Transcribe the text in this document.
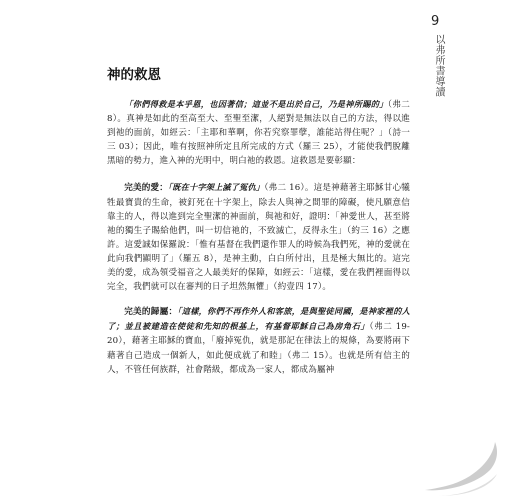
9
以弗所書導讀
神的救恩

「你們得救是本乎恩，也因著信；這並不是出於自己，乃是神所賜的」（弗二 8）。真神是如此的至高至大、至聖至潔，人絕對是無法以自己的方法，得以進到祂的面前，如經云：「主耶和華啊，你若究察罪孽，誰能站得住呢？」（詩一三 03）；因此，唯有按照神所定且所完成的方式（羅三 25），才能使我們脫離黑暗的勢力，進入神的光明中，明白祂的救恩。這救恩是要彰顯：

完美的愛：「既在十字架上滅了冤仇」（弗二 16）。這是神藉著主耶穌甘心犧牲最寶貴的生命，被釘死在十字架上，除去人與神之間罪的障礙，使凡願意信靠主的人，得以進到完全聖潔的神面前，與祂和好，證明：「神愛世人，甚至將祂的獨生子賜給他們，叫一切信祂的，不致滅亡，反得永生」（約三 16）之應許。這愛誠如保羅說：「惟有基督在我們還作罪人的時候為我們死，神的愛就在此向我們顯明了」（羅五 8），是神主動，白白所付出，且是極大無比的。這完美的愛，成為領受福音之人最美好的保障，如經云：「這樣，愛在我們裡面得以完全，我們就可以在審判的日子坦然無懼」（約壹四 17）。

完美的歸屬：「這樣，你們不再作外人和客旅，是與聖徒同國，是神家裡的人了；並且被建造在使徒和先知的根基上，有基督耶穌自己為房角石」（弗二 19-20），藉著主耶穌的寶血，「廢掉冤仇，就是那記在律法上的規條，為要將兩下藉著自己造成一個新人，如此便成就了和睦」（弗二 15）。也就是所有信主的人，不管任何族群，社會階級，都成為一家人，都成為屬神
